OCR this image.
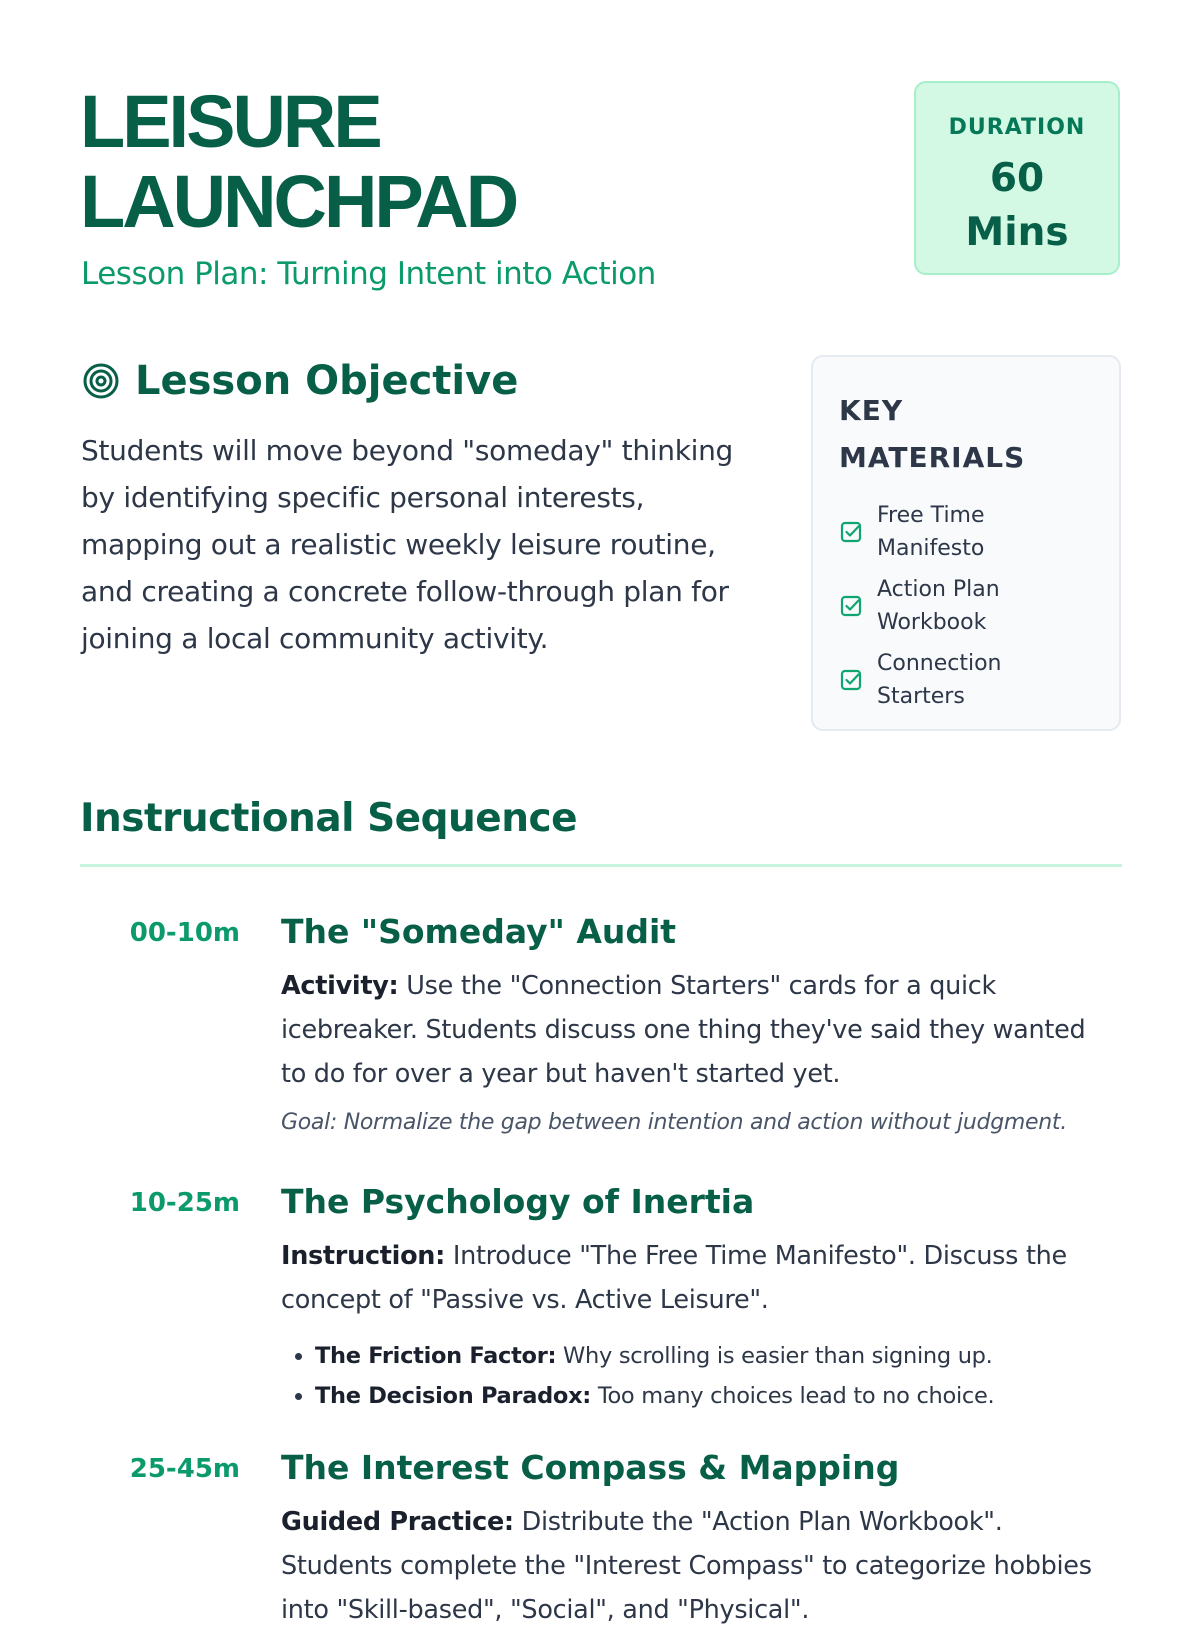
LEISURE
LAUNCHPAD
Lesson Plan: Turning Intent into Action
DURATION
60
Mins
Lesson Objective

Students will move beyond "someday" thinking by identifying specific personal interests, mapping out a realistic weekly leisure routine, and creating a concrete follow-through plan for joining a local community activity.

KEY MATERIALS
Free Time Manifesto
Action Plan Workbook
Connection Starters
Instructional Sequence
00-10m The "Someday" Audit

Activity: Use the "Connection Starters" cards for a quick icebreaker. Students discuss one thing they've said they wanted to do for over a year but haven't started yet.

Goal: Normalize the gap between intention and action without judgment.

10-25m The Psychology of Inertia

Instruction: Introduce "The Free Time Manifesto". Discuss the concept of "Passive vs. Active Leisure".

• The Friction Factor: Why scrolling is easier than signing up.
• The Decision Paradox: Too many choices lead to no choice.
25-45m The Interest Compass & Mapping

Guided Practice: Distribute the "Action Plan Workbook". Students complete the "Interest Compass" to categorize hobbies into "Skill-based", "Social", and "Physical".
